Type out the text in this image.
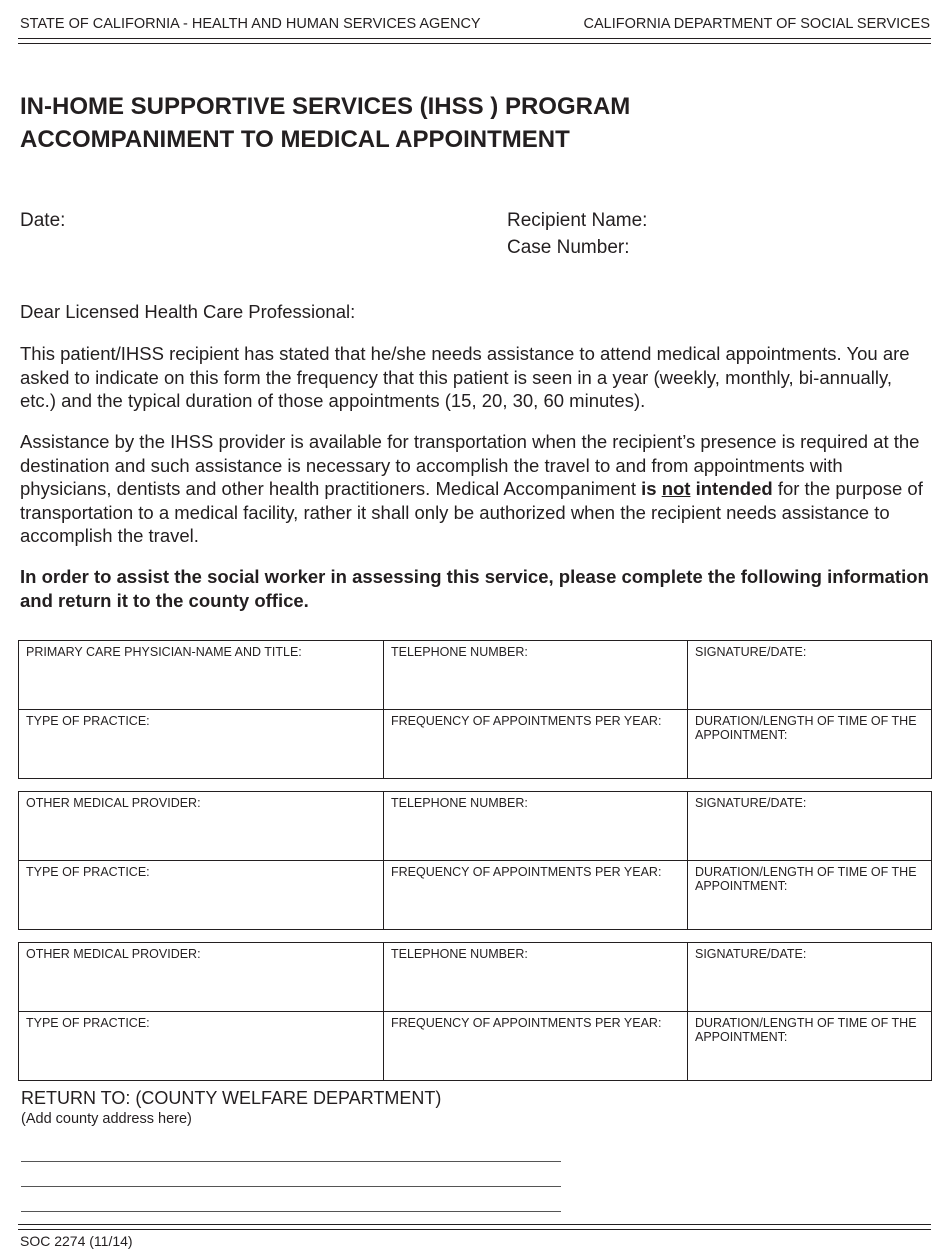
STATE OF CALIFORNIA - HEALTH AND HUMAN SERVICES AGENCY	CALIFORNIA DEPARTMENT OF SOCIAL SERVICES
IN-HOME SUPPORTIVE SERVICES (IHSS ) PROGRAM
ACCOMPANIMENT TO MEDICAL APPOINTMENT
Date:	Recipient Name:
Case Number:
Dear Licensed Health Care Professional:

This patient/IHSS recipient has stated that he/she needs assistance to attend medical appointments. You are asked to indicate on this form the frequency that this patient is seen in a year (weekly, monthly, bi-annually, etc.) and the typical duration of those appointments (15, 20, 30, 60 minutes).

Assistance by the IHSS provider is available for transportation when the recipient’s presence is required at the destination and such assistance is necessary to accomplish the travel to and from appointments with physicians, dentists and other health practitioners. Medical Accompaniment is not intended for the purpose of transportation to a medical facility, rather it shall only be authorized when the recipient needs assistance to accomplish the travel.

In order to assist the social worker in assessing this service, please complete the following information and return it to the county office.
PRIMARY CARE PHYSICIAN-NAME AND TITLE:	TELEPHONE NUMBER:	SIGNATURE/DATE:
TYPE OF PRACTICE:	FREQUENCY OF APPOINTMENTS PER YEAR:	DURATION/LENGTH OF TIME OF THE APPOINTMENT:
OTHER MEDICAL PROVIDER:	TELEPHONE NUMBER:	SIGNATURE/DATE:
TYPE OF PRACTICE:	FREQUENCY OF APPOINTMENTS PER YEAR:	DURATION/LENGTH OF TIME OF THE APPOINTMENT:
OTHER MEDICAL PROVIDER:	TELEPHONE NUMBER:	SIGNATURE/DATE:
TYPE OF PRACTICE:	FREQUENCY OF APPOINTMENTS PER YEAR:	DURATION/LENGTH OF TIME OF THE APPOINTMENT:
RETURN TO: (COUNTY WELFARE DEPARTMENT)
(Add county address here)
SOC 2274 (11/14)
